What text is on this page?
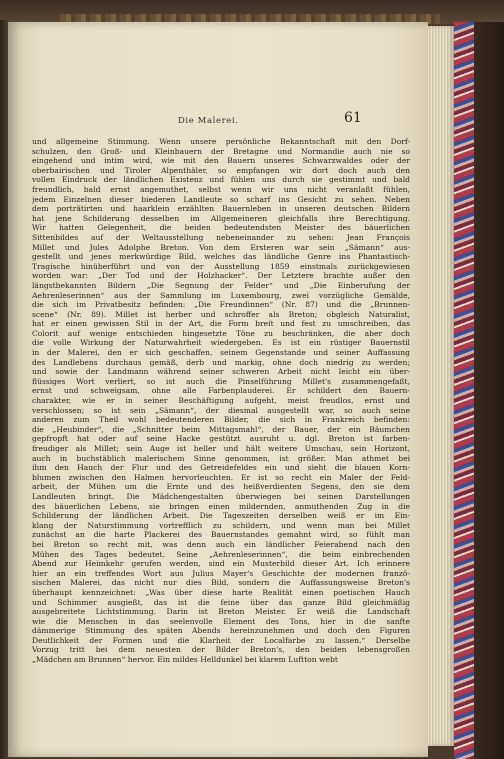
Die Malerei.	61
und allgemeine Stimmung. Wenn unsere persönliche Bekanntschaft mit den Dorf-
schulzen, den Groß- und Kleinbauern der Bretagne und Normandie auch nie so
eingehend und intim wird, wie mit den Bauern unseres Schwarzwaldes oder der
oberbairischen und Tiroler Alpenthäler, so empfangen wir dort doch auch den
vollen Eindruck der ländlichen Existenz und fühlen uns durch sie gestimmt und bald
freundlich, bald ernst angemuthet, selbst wenn wir uns nicht veranlaßt fühlen,
jedem Einzelnen dieser biederen Landleute so scharf ins Gesicht zu sehen. Neben
dem porträtirten und haarklein erzählten Bauernleben in unseren deutschen Bildern
hat jene Schilderung desselben im Allgemeineren gleichfalls ihre Berechtigung.
Wir hatten Gelegenheit, die beiden bedeutendsten Meister des bäuerlichen
Sittenbildes auf der Weltausstellung nebeneinander zu sehen: Jean François
Millet und Jules Adolphe Breton. Von dem Ersteren war sein „Sämann“ aus-
gestellt und jenes merkwürdige Bild, welches das ländliche Genre ins Phantastisch-
Tragische hinüberführt und von der Ausstellung 1859 einstmals zurückgewiesen
worden war: „Der Tod und der Holzhacker“. Der Letztere brachte außer den
längstbekannten Bildern „Die Segnung der Felder“ und „Die Einberufung der
Aehrenleserinnen“ aus der Sammlung im Luxembourg, zwei vorzügliche Gemälde,
die sich im Privatbesitz befinden: „Die Freundinnen“ (Nr. 87) und die „Brunnen-
scene“ (Nr. 89). Millet ist herber und schroffer als Breton; obgleich Naturalist,
hat er einen gewissen Stil in der Art, die Form breit und fest zu umschreiben, das
Colorit auf wenige entschieden hingesetzte Töne zu beschränken, die aber doch
die volle Wirkung der Naturwahrheit wiedergeben. Es ist ein rüstiger Bauernstil
in der Malerei, den er sich geschaffen, seinem Gegenstande und seiner Auffassung
des Landlebens durchaus gemäß, derb und markig, ohne doch niedrig zu werden;
und sowie der Landmann während seiner schweren Arbeit nicht leicht ein über-
flüssiges Wort verliert, so ist auch die Pinselführung Millet's zusammengefaßt,
ernst und schweigsam, ohne alle Farbenplauderei. Er schildert den Bauern-
charakter, wie er in seiner Beschäftigung aufgeht, meist freudlos, ernst und
verschlossen; so ist sein „Sämann“, der diesmal ausgestellt war, so auch seine
anderen zum Theil wohl bedeutenderen Bilder, die sich in Frankreich befinden:
die „Heubinder“, die „Schnitter beim Mittagsmahl“, der Bauer, der ein Bäumchen
gepfropft hat oder auf seine Hacke gestützt ausruht u. dgl. Breton ist farben-
freudiger als Millet; sein Auge ist heller und hält weitere Umschau, sein Horizont,
auch in buchstäblich malerischem Sinne genommen, ist größer. Man athmet bei
ihm den Hauch der Flur und des Getreidefeldes ein und sieht die blauen Korn-
blumen zwischen den Halmen hervorleuchten. Er ist so recht ein Maler der Feld-
arbeit, der Mühen um die Ernte und des heißverdienten Segens, den sie dem
Landleuten bringt. Die Mädchengestalten überwiegen bei seinen Darstellungen
des bäuerlichen Lebens, sie bringen einen mildernden, anmuthenden Zug in die
Schilderung der ländlichen Arbeit. Die Tageszeiten derselben weiß er im Ein-
klang der Naturstimmung vortrefflich zu schildern, und wenn man bei Millet
zunächst an die harte Plackerei des Bauernstandes gemahnt wird, so fühlt man
bei Breton so recht mit, was denn auch ein ländlicher Feierabend nach den
Mühen des Tages bedeutet. Seine „Aehrenleserinnen“, die beim einbrechenden
Abend zur Heimkehr gerufen werden, sind ein Musterbild dieser Art. Ich erinnere
hier an ein treffendes Wort aus Julius Mayer's Geschichte der modernen franzö-
sischen Malerei, das nicht nur dies Bild, sondern die Auffassungsweise Breton's
überhaupt kennzeichnet: „Was über diese harte Realität einen poetischen Hauch
und Schimmer ausgießt, das ist die feine über das ganze Bild gleichmäßig
ausgebreitete Lichtstimmung. Darin ist Breton Meister. Er weiß die Landschaft
wie die Menschen in das seelenvolle Element des Tons, hier in die sanfte
dämmerige Stimmung des späten Abends hereinzunehmen und doch den Figuren
Deutlichkeit der Formen und die Klarheit der Localfarbe zu lassen.“ Derselbe
Vorzug tritt bei dem neuesten der Bilder Breton's, den beiden lebensgroßen
„Mädchen am Brunnen“ hervor. Ein mildes Helldunkel bei klarem Luftton webt
